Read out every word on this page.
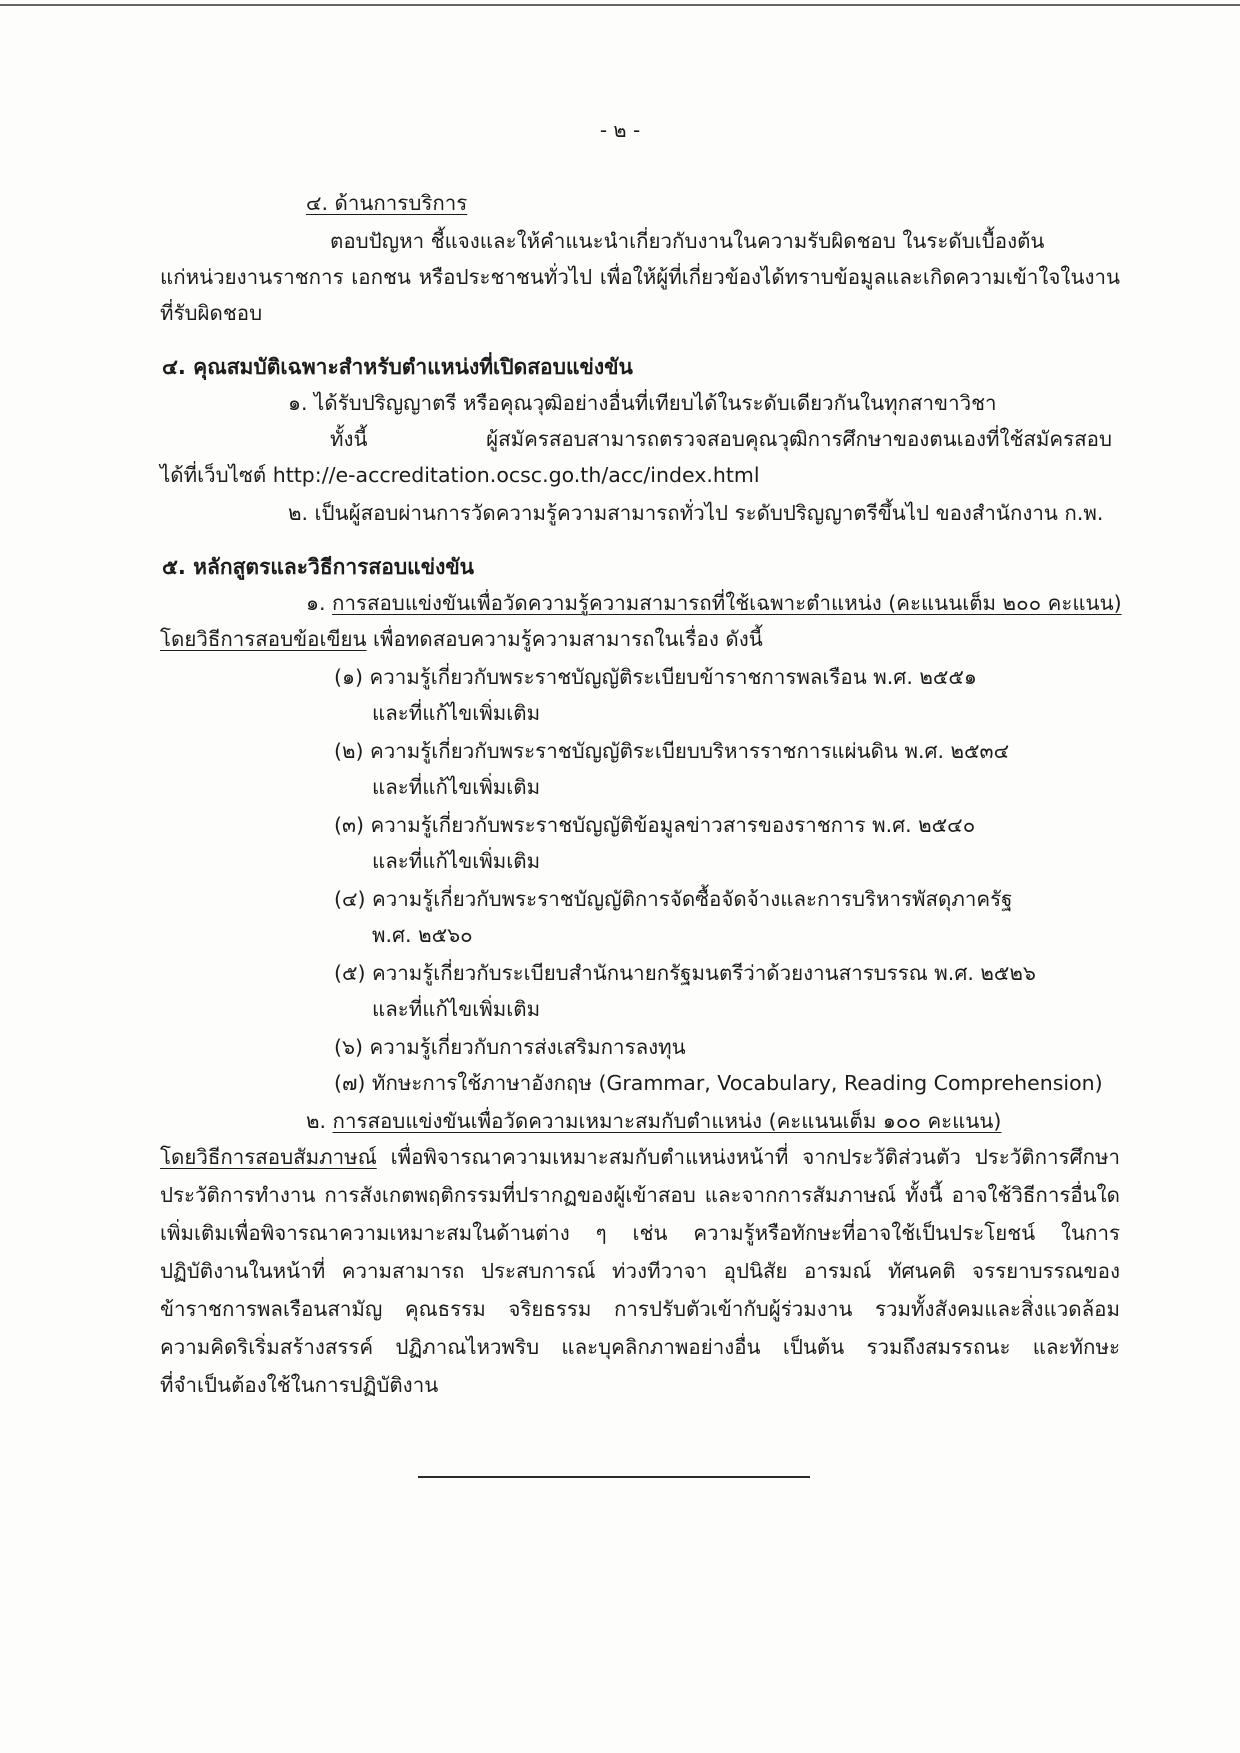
- ๒ -
๔. ด้านการบริการ
ตอบปัญหา ชี้แจงและให้คำแนะนำเกี่ยวกับงานในความรับผิดชอบ ในระดับเบื้องต้น
แก่หน่วยงานราชการ เอกชน หรือประชาชนทั่วไป เพื่อให้ผู้ที่เกี่ยวข้องได้ทราบข้อมูลและเกิดความเข้าใจในงาน
ที่รับผิดชอบ
๔. คุณสมบัติเฉพาะสำหรับตำแหน่งที่เปิดสอบแข่งขัน
๑. ได้รับปริญญาตรี หรือคุณวุฒิอย่างอื่นที่เทียบได้ในระดับเดียวกันในทุกสาขาวิชา
ทั้งนี้ ผู้สมัครสอบสามารถตรวจสอบคุณวุฒิการศึกษาของตนเองที่ใช้สมัครสอบ
ได้ที่เว็บไซต์ http://e-accreditation.ocsc.go.th/acc/index.html
๒. เป็นผู้สอบผ่านการวัดความรู้ความสามารถทั่วไป ระดับปริญญาตรีขึ้นไป ของสำนักงาน ก.พ.
๕. หลักสูตรและวิธีการสอบแข่งขัน
๑. การสอบแข่งขันเพื่อวัดความรู้ความสามารถที่ใช้เฉพาะตำแหน่ง (คะแนนเต็ม ๒๐๐ คะแนน)
โดยวิธีการสอบข้อเขียน เพื่อทดสอบความรู้ความสามารถในเรื่อง ดังนี้
(๑) ความรู้เกี่ยวกับพระราชบัญญัติระเบียบข้าราชการพลเรือน พ.ศ. ๒๕๕๑
และที่แก้ไขเพิ่มเติม
(๒) ความรู้เกี่ยวกับพระราชบัญญัติระเบียบบริหารราชการแผ่นดิน พ.ศ. ๒๕๓๔
และที่แก้ไขเพิ่มเติม
(๓) ความรู้เกี่ยวกับพระราชบัญญัติข้อมูลข่าวสารของราชการ พ.ศ. ๒๕๔๐
และที่แก้ไขเพิ่มเติม
(๔) ความรู้เกี่ยวกับพระราชบัญญัติการจัดซื้อจัดจ้างและการบริหารพัสดุภาครัฐ
พ.ศ. ๒๕๖๐
(๕) ความรู้เกี่ยวกับระเบียบสำนักนายกรัฐมนตรีว่าด้วยงานสารบรรณ พ.ศ. ๒๕๒๖
และที่แก้ไขเพิ่มเติม
(๖) ความรู้เกี่ยวกับการส่งเสริมการลงทุน
(๗) ทักษะการใช้ภาษาอังกฤษ (Grammar, Vocabulary, Reading Comprehension)
๒. การสอบแข่งขันเพื่อวัดความเหมาะสมกับตำแหน่ง (คะแนนเต็ม ๑๐๐ คะแนน)
โดยวิธีการสอบสัมภาษณ์ เพื่อพิจารณาความเหมาะสมกับตำแหน่งหน้าที่ จากประวัติส่วนตัว ประวัติการศึกษา
ประวัติการทำงาน การสังเกตพฤติกรรมที่ปรากฏของผู้เข้าสอบ และจากการสัมภาษณ์ ทั้งนี้ อาจใช้วิธีการอื่นใด
เพิ่มเติมเพื่อพิจารณาความเหมาะสมในด้านต่าง ๆ เช่น ความรู้หรือทักษะที่อาจใช้เป็นประโยชน์ ในการ
ปฏิบัติงานในหน้าที่ ความสามารถ ประสบการณ์ ท่วงทีวาจา อุปนิสัย อารมณ์ ทัศนคติ จรรยาบรรณของ
ข้าราชการพลเรือนสามัญ คุณธรรม จริยธรรม การปรับตัวเข้ากับผู้ร่วมงาน รวมทั้งสังคมและสิ่งแวดล้อม
ความคิดริเริ่มสร้างสรรค์ ปฏิภาณไหวพริบ และบุคลิกภาพอย่างอื่น เป็นต้น รวมถึงสมรรถนะ และทักษะ
ที่จำเป็นต้องใช้ในการปฏิบัติงาน
